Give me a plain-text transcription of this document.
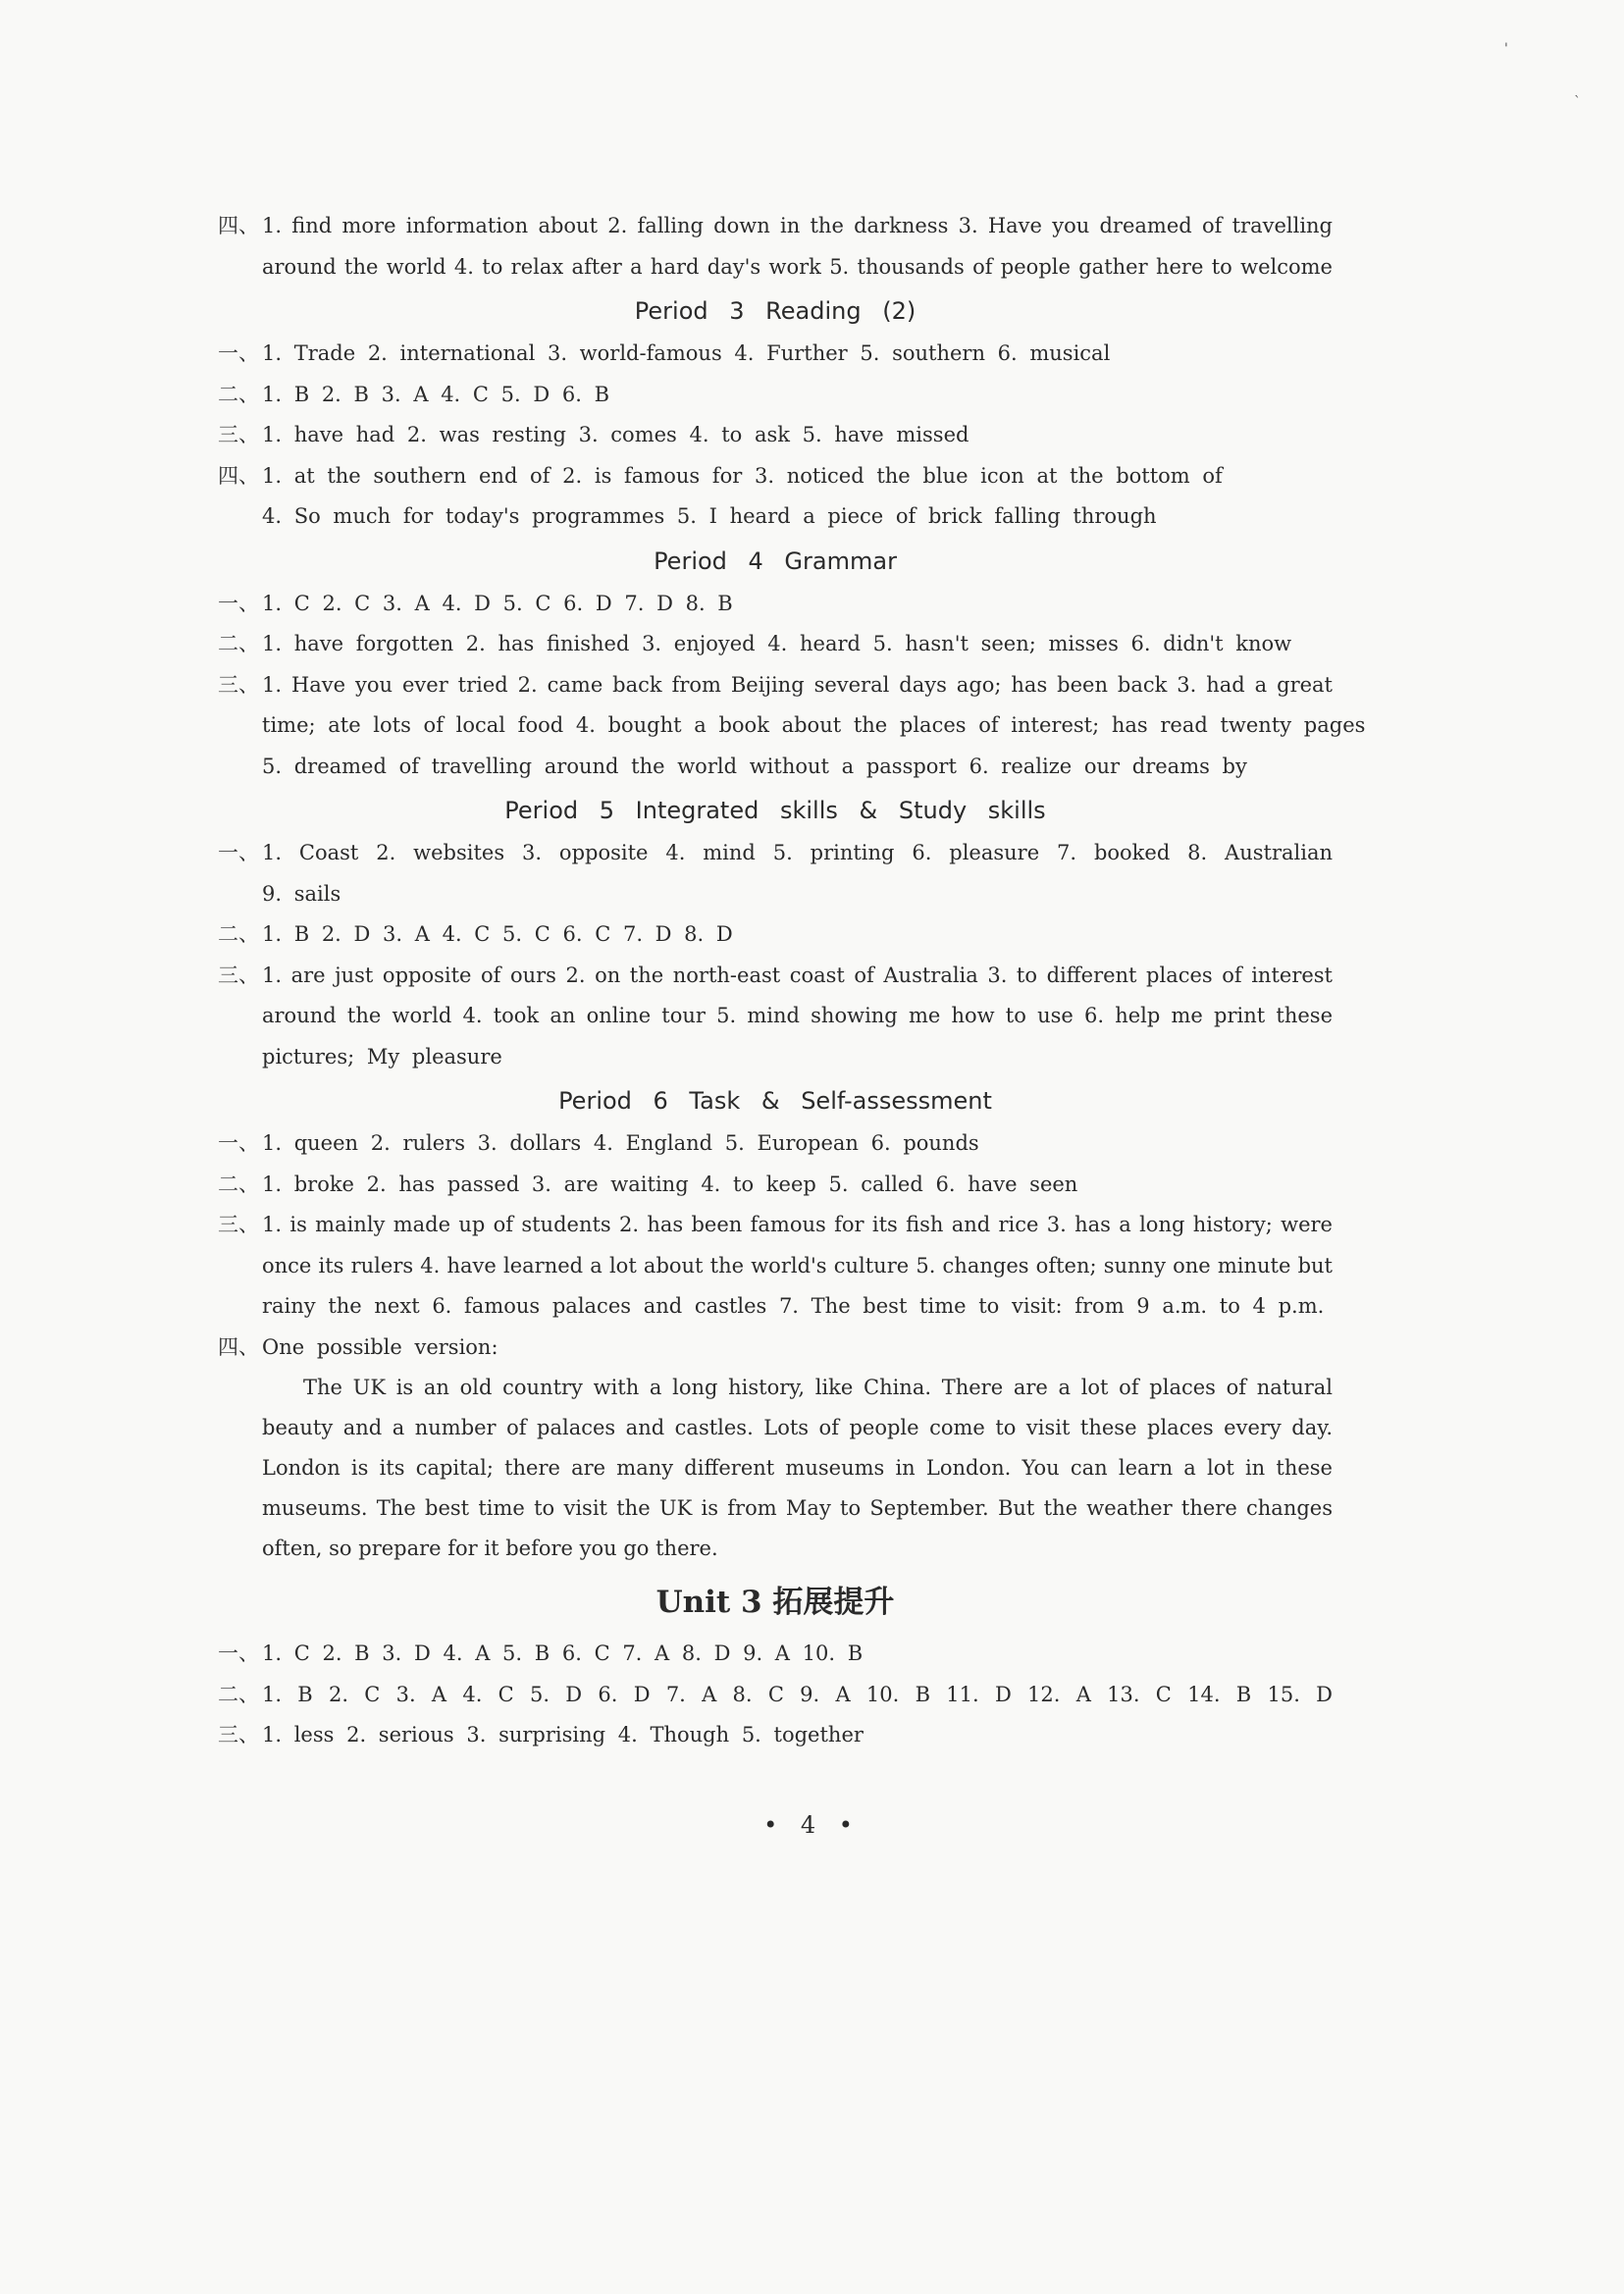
'
`
四、 1. find more information about 2. falling down in the darkness 3. Have you dreamed of travelling
around the world 4. to relax after a hard day's work 5. thousands of people gather here to welcome
Period 3 Reading (2)
一、 1. Trade 2. international 3. world-famous 4. Further 5. southern 6. musical
二、 1. B 2. B 3. A 4. C 5. D 6. B
三、 1. have had 2. was resting 3. comes 4. to ask 5. have missed
四、 1. at the southern end of 2. is famous for 3. noticed the blue icon at the bottom of
4. So much for today's programmes 5. I heard a piece of brick falling through
Period 4 Grammar
一、 1. C 2. C 3. A 4. D 5. C 6. D 7. D 8. B
二、 1. have forgotten 2. has finished 3. enjoyed 4. heard 5. hasn't seen; misses 6. didn't know
三、 1. Have you ever tried 2. came back from Beijing several days ago; has been back 3. had a great
time; ate lots of local food 4. bought a book about the places of interest; has read twenty pages
5. dreamed of travelling around the world without a passport 6. realize our dreams by
Period 5 Integrated skills & Study skills
一、 1. Coast 2. websites 3. opposite 4. mind 5. printing 6. pleasure 7. booked 8. Australian
9. sails
二、 1. B 2. D 3. A 4. C 5. C 6. C 7. D 8. D
三、 1. are just opposite of ours 2. on the north-east coast of Australia 3. to different places of interest
around the world 4. took an online tour 5. mind showing me how to use 6. help me print these
pictures; My pleasure
Period 6 Task & Self-assessment
一、 1. queen 2. rulers 3. dollars 4. England 5. European 6. pounds
二、 1. broke 2. has passed 3. are waiting 4. to keep 5. called 6. have seen
三、 1. is mainly made up of students 2. has been famous for its fish and rice 3. has a long history; were
once its rulers 4. have learned a lot about the world's culture 5. changes often; sunny one minute but
rainy the next 6. famous palaces and castles 7. The best time to visit: from 9 a.m. to 4 p.m.
四、 One possible version:

The UK is an old country with a long history, like China. There are a lot of places of natural beauty and a number of palaces and castles. Lots of people come to visit these places every day. London is its capital; there are many different museums in London. You can learn a lot in these museums. The best time to visit the UK is from May to September. But the weather there changes often, so prepare for it before you go there.

Unit 3 拓展提升
一、 1. C 2. B 3. D 4. A 5. B 6. C 7. A 8. D 9. A 10. B
二、 1. B 2. C 3. A 4. C 5. D 6. D 7. A 8. C 9. A 10. B 11. D 12. A 13. C 14. B 15. D
三、 1. less 2. serious 3. surprising 4. Though 5. together
• 4 •
